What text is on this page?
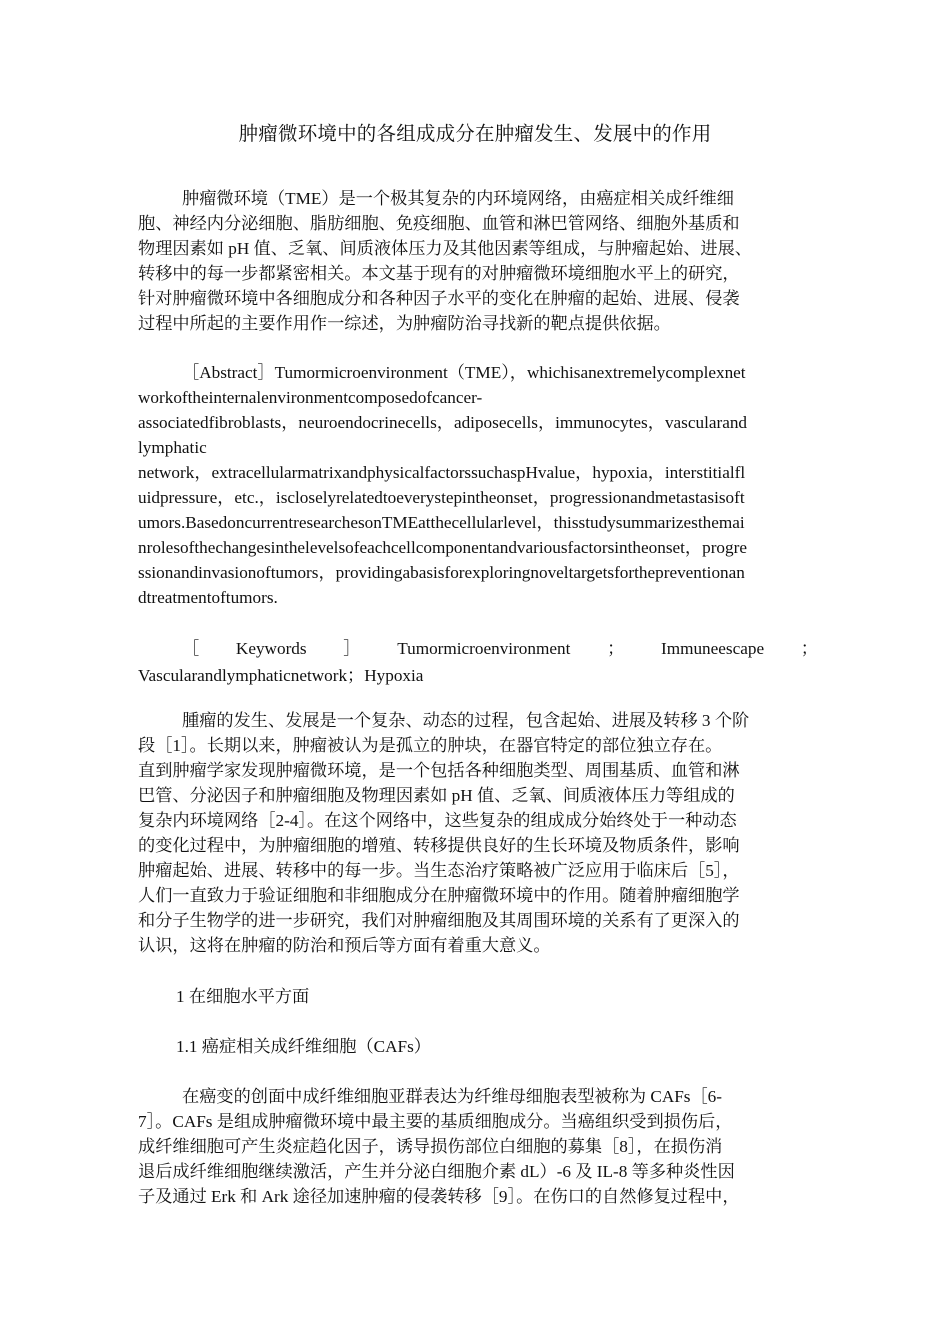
肿瘤微环境中的各组成成分在肿瘤发生、发展中的作用
肿瘤微环境（TME）是一个极其复杂的内环境网络，由癌症相关成纤维细
胞、神经内分泌细胞、脂肪细胞、免疫细胞、血管和淋巴管网络、细胞外基质和
物理因素如 pH 值、乏氧、间质液体压力及其他因素等组成，与肿瘤起始、进展、
转移中的每一步都紧密相关。本文基于现有的对肿瘤微环境细胞水平上的研究，
针对肿瘤微环境中各细胞成分和各种因子水平的变化在肿瘤的起始、进展、侵袭
过程中所起的主要作用作一综述，为肿瘤防治寻找新的靶点提供依据。
［Abstract］Tumormicroenvironment（TME），whichisanextremelycomplexnet
workoftheinternalenvironmentcomposedofcancer-
associatedfibroblasts，neuroendocrinecells，adiposecells，immunocytes，vascularand
lymphatic
network，extracellularmatrixandphysicalfactorssuchaspHvalue，hypoxia，interstitialfl
uidpressure，etc.，iscloselyrelatedtoeverystepintheonset，progressionandmetastasisoft
umors.BasedoncurrentresearchesonTMEatthecellularlevel，thisstudysummarizesthemai
nrolesofthechangesinthelevelsofeachcellcomponentandvariousfactorsintheonset，progre
ssionandinvasionoftumors，providingabasisforexploringnoveltargetsforthepreventionan
dtreatmentoftumors.
［ Keywords ］ Tumormicroenvironment ； Immuneescape ；
Vascularandlymphaticnetwork；Hypoxia
腫瘤的发生、发展是一个复杂、动态的过程，包含起始、进展及转移 3 个阶
段［1］。长期以来，肿瘤被认为是孤立的肿块，在器官特定的部位独立存在。
直到肿瘤学家发现肿瘤微环境，是一个包括各种细胞类型、周围基质、血管和淋
巴管、分泌因子和肿瘤细胞及物理因素如 pH 值、乏氧、间质液体压力等组成的
复杂内环境网络［2-4］。在这个网络中，这些复杂的组成成分始终处于一种动态
的变化过程中，为肿瘤细胞的增殖、转移提供良好的生长环境及物质条件，影响
肿瘤起始、进展、转移中的每一步。当生态治疗策略被广泛应用于临床后［5］，
人们一直致力于验证细胞和非细胞成分在肿瘤微环境中的作用。随着肿瘤细胞学
和分子生物学的进一步研究，我们对肿瘤细胞及其周围环境的关系有了更深入的
认识，这将在肿瘤的防治和预后等方面有着重大意义。
1 在细胞水平方面
1.1 癌症相关成纤维细胞（CAFs）
在癌变的创面中成纤维细胞亚群表达为纤维母细胞表型被称为 CAFs［6-
7］。CAFs 是组成肿瘤微环境中最主要的基质细胞成分。当癌组织受到损伤后，
成纤维细胞可产生炎症趋化因子，诱导损伤部位白细胞的募集［8］，在损伤消
退后成纤维细胞继续激活，产生并分泌白细胞介素 dL）-6 及 IL-8 等多种炎性因
子及通过 Erk 和 Ark 途径加速肿瘤的侵袭转移［9］。在伤口的自然修复过程中，
